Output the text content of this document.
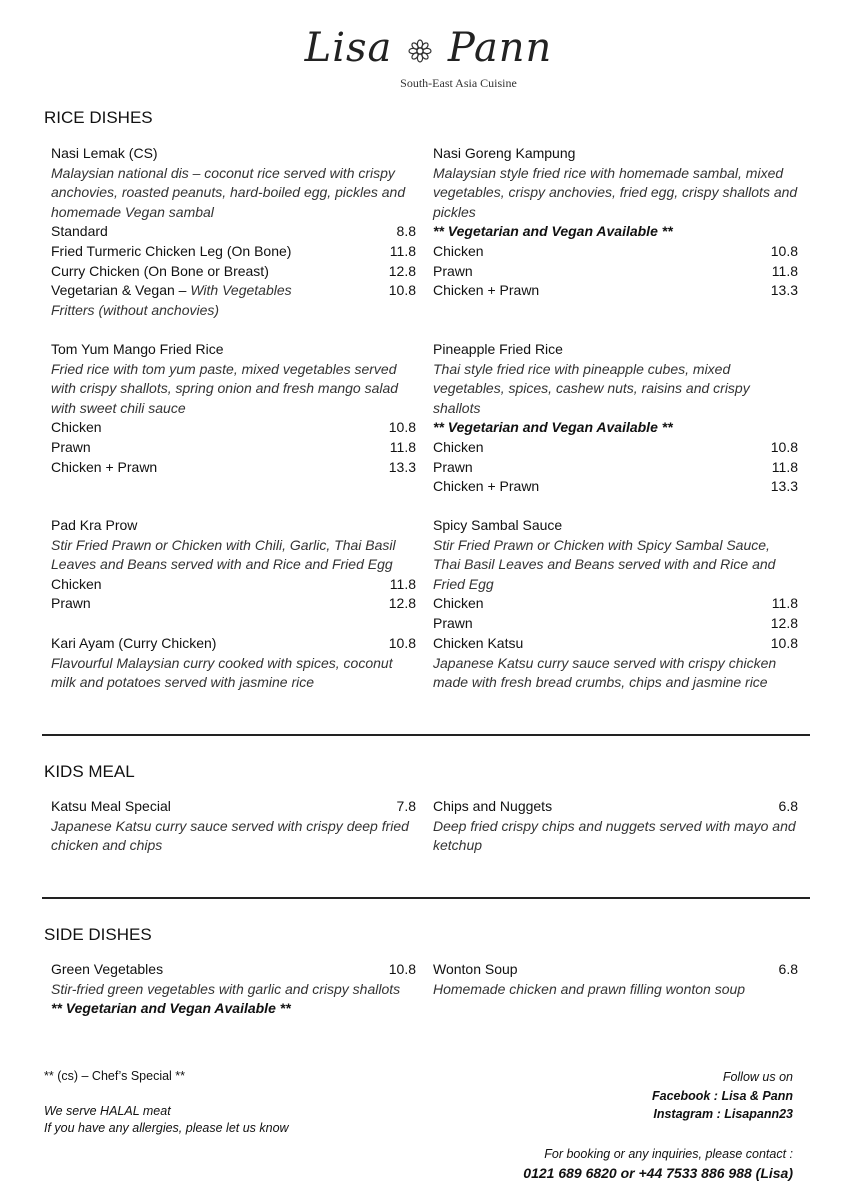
Lisa Pann
South-East Asia Cuisine
RICE DISHES
Nasi Lemak (CS)
Malaysian national dis – coconut rice served with crispy anchovies, roasted peanuts, hard-boiled egg, pickles and homemade Vegan sambal
Standard	8.8
Fried Turmeric Chicken Leg (On Bone)	11.8
Curry Chicken (On Bone or Breast)	12.8
Vegetarian & Vegan – With Vegetables	10.8
Fritters (without anchovies)
Nasi Goreng Kampung
Malaysian style fried rice with homemade sambal, mixed vegetables, crispy anchovies, fried egg, crispy shallots and pickles
** Vegetarian and Vegan Available **
Chicken	10.8
Prawn	11.8
Chicken + Prawn	13.3
Tom Yum Mango Fried Rice
Fried rice with tom yum paste, mixed vegetables served with crispy shallots, spring onion and fresh mango salad with sweet chili sauce
Chicken	10.8
Prawn	11.8
Chicken + Prawn	13.3
Pineapple Fried Rice
Thai style fried rice with pineapple cubes, mixed vegetables, spices, cashew nuts, raisins and crispy shallots
** Vegetarian and Vegan Available **
Chicken	10.8
Prawn	11.8
Chicken + Prawn	13.3
Pad Kra Prow
Stir Fried Prawn or Chicken with Chili, Garlic, Thai Basil Leaves and Beans served with and Rice and Fried Egg
Chicken	11.8
Prawn	12.8
Spicy Sambal Sauce
Stir Fried Prawn or Chicken with Spicy Sambal Sauce, Thai Basil Leaves and Beans served with and Rice and Fried Egg
Chicken	11.8
Prawn	12.8
Kari Ayam (Curry Chicken)	10.8
Flavourful Malaysian curry cooked with spices, coconut milk and potatoes served with jasmine rice
Chicken Katsu	10.8
Japanese Katsu curry sauce served with crispy chicken made with fresh bread crumbs, chips and jasmine rice
KIDS MEAL
Katsu Meal Special	7.8
Japanese Katsu curry sauce served with crispy deep fried chicken and chips
Chips and Nuggets	6.8
Deep fried crispy chips and nuggets served with mayo and ketchup
SIDE DISHES
Green Vegetables	10.8
Stir-fried green vegetables with garlic and crispy shallots
** Vegetarian and Vegan Available **
Wonton Soup	6.8
Homemade chicken and prawn filling wonton soup
** (cs) – Chef’s Special **
We serve HALAL meat
If you have any allergies, please let us know
Follow us on
Facebook : Lisa & Pann
Instagram : Lisapann23
For booking or any inquiries, please contact :
0121 689 6820 or +44 7533 886 988 (Lisa)
